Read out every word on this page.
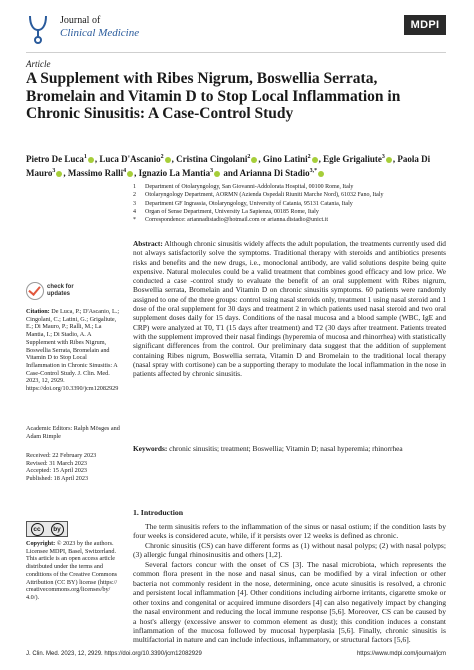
Journal of
Clinical Medicine
MDPI
Article
A Supplement with Ribes Nigrum, Boswellia Serrata, Bromelain and Vitamin D to Stop Local Inflammation in Chronic Sinusitis: A Case-Control Study
Pietro De Luca$^1$ , Luca D'Ascanio$^2$ , Cristina Cingolani$^2$ , Gino Latini$^2$ , Egle Grigaliute$^3$ , Paola Di Mauro$^3$ , Massimo Ralli$^4$ , Ignazio La Mantia$^3$ and Arianna Di Stadio$^{3,*}$
1 Department of Otolaryngology, San Giovanni-Addolorata Hospital, 00100 Rome, Italy
2 Otolaryngology Department, AORMN (Azienda Ospedali Riuniti Marche Nord), 61032 Fano, Italy
3 Department GF Ingrassia, Otolaryngology, University of Catania, 95131 Catania, Italy
4 Organ of Sense Department, University La Sapienza, 00185 Rome, Italy
* Correspondence: ariannadistadio@hotmail.com or arianna.distadio@unict.it
check for
updates
Citation: De Luca, P.; D'Ascanio, L.; Cingolani, C.; Latini, G.; Grigaliute, E.; Di Mauro, P.; Ralli, M.; La Mantia, I.; Di Stadio, A. A Supplement with Ribes Nigrum, Boswellia Serrata, Bromelain and Vitamin D to Stop Local Inflammation in Chronic Sinusitis: A Case-Control Study. J. Clin. Med. 2023, 12, 2929. https://doi.org/10.3390/jcm12082929
Academic Editors: Ralph Mösges and Adam Rimple
Received: 22 February 2023
Revised: 31 March 2023
Accepted: 15 April 2023
Published: 18 April 2023
cc	by
Copyright: © 2023 by the authors. Licensee MDPI, Basel, Switzerland. This article is an open access article distributed under the terms and conditions of the Creative Commons Attribution (CC BY) license (https:// creativecommons.org/licenses/by/ 4.0/).
Abstract: Although chronic sinusitis widely affects the adult population, the treatments currently used did not always satisfactorily solve the symptoms. Traditional therapy with steroids and antibiotics presents risks and benefits and the new drugs, i.e., monoclonal antibody, are valid solutions despite being quite expensive. Natural molecules could be a valid treatment that combines good efficacy and low price. We conducted a case -control study to evaluate the benefit of an oral supplement with Ribes nigrum, Boswellia serrata, Bromelain and Vitamin D on chronic sinusitis symptoms. 60 patients were randomly assigned to one of the three groups: control using nasal steroids only, treatment 1 using nasal steroid and 1 dose of the oral supplement for 30 days and treatment 2 in which patients used nasal steroid and two oral supplement doses daily for 15 days. Conditions of the nasal mucosa and a blood sample (WBC, IgE and CRP) were analyzed at T0, T1 (15 days after treatment) and T2 (30 days after treatment. Patients treated with the supplement improved their nasal findings (hyperemia of mucosa and rhinorrhea) with statistically significant differences from the control. Our preliminary data suggest that the addition of supplement containing Ribes nigrum, Boswellia serrata, Vitamin D and Bromelain to the traditional local therapy (nasal spray with cortisone) can be a supporting therapy to modulate the local inflammation in the nose in patients affected by chronic sinusitis.
Keywords: chronic sinusitis; treatment; Boswellia; Vitamin D; nasal hyperemia; rhinorrhea
1. Introduction

The term sinusitis refers to the inflammation of the sinus or nasal ostium; if the condition lasts by four weeks is considered acute, while, if it persists over 12 weeks is defined as chronic.

Chronic sinusitis (CS) can have different forms as (1) without nasal polyps; (2) with nasal polyps; (3) allergic fungal rhinosinusitis and others [1,2].

Several factors concur with the onset of CS [3]. The nasal microbiota, which represents the common flora present in the nose and nasal sinus, can be modified by a viral infection or other bacteria not commonly resident in the nose, determining, once acute sinusitis is resolved, a chronic and persistent local inflammation [4]. Other conditions including airborne irritants, cigarette smoke or other toxins and congenital or acquired immune disorders [4] can also negatively impact by changing the nasal environment and reducing the local immune response [5,6]. Moreover, CS can be caused by a host's allergy (excessive answer to common element as dust); this condition induces a constant inflammation of the mucosa followed by mucosal hyperplasia [5,6]. Finally, chronic sinusitis is multifactorial in nature and can include infectious, inflammatory, or structural factors [5,6].

J. Clin. Med. 2023, 12, 2929. https://doi.org/10.3390/jcm12082929	https://www.mdpi.com/journal/jcm
